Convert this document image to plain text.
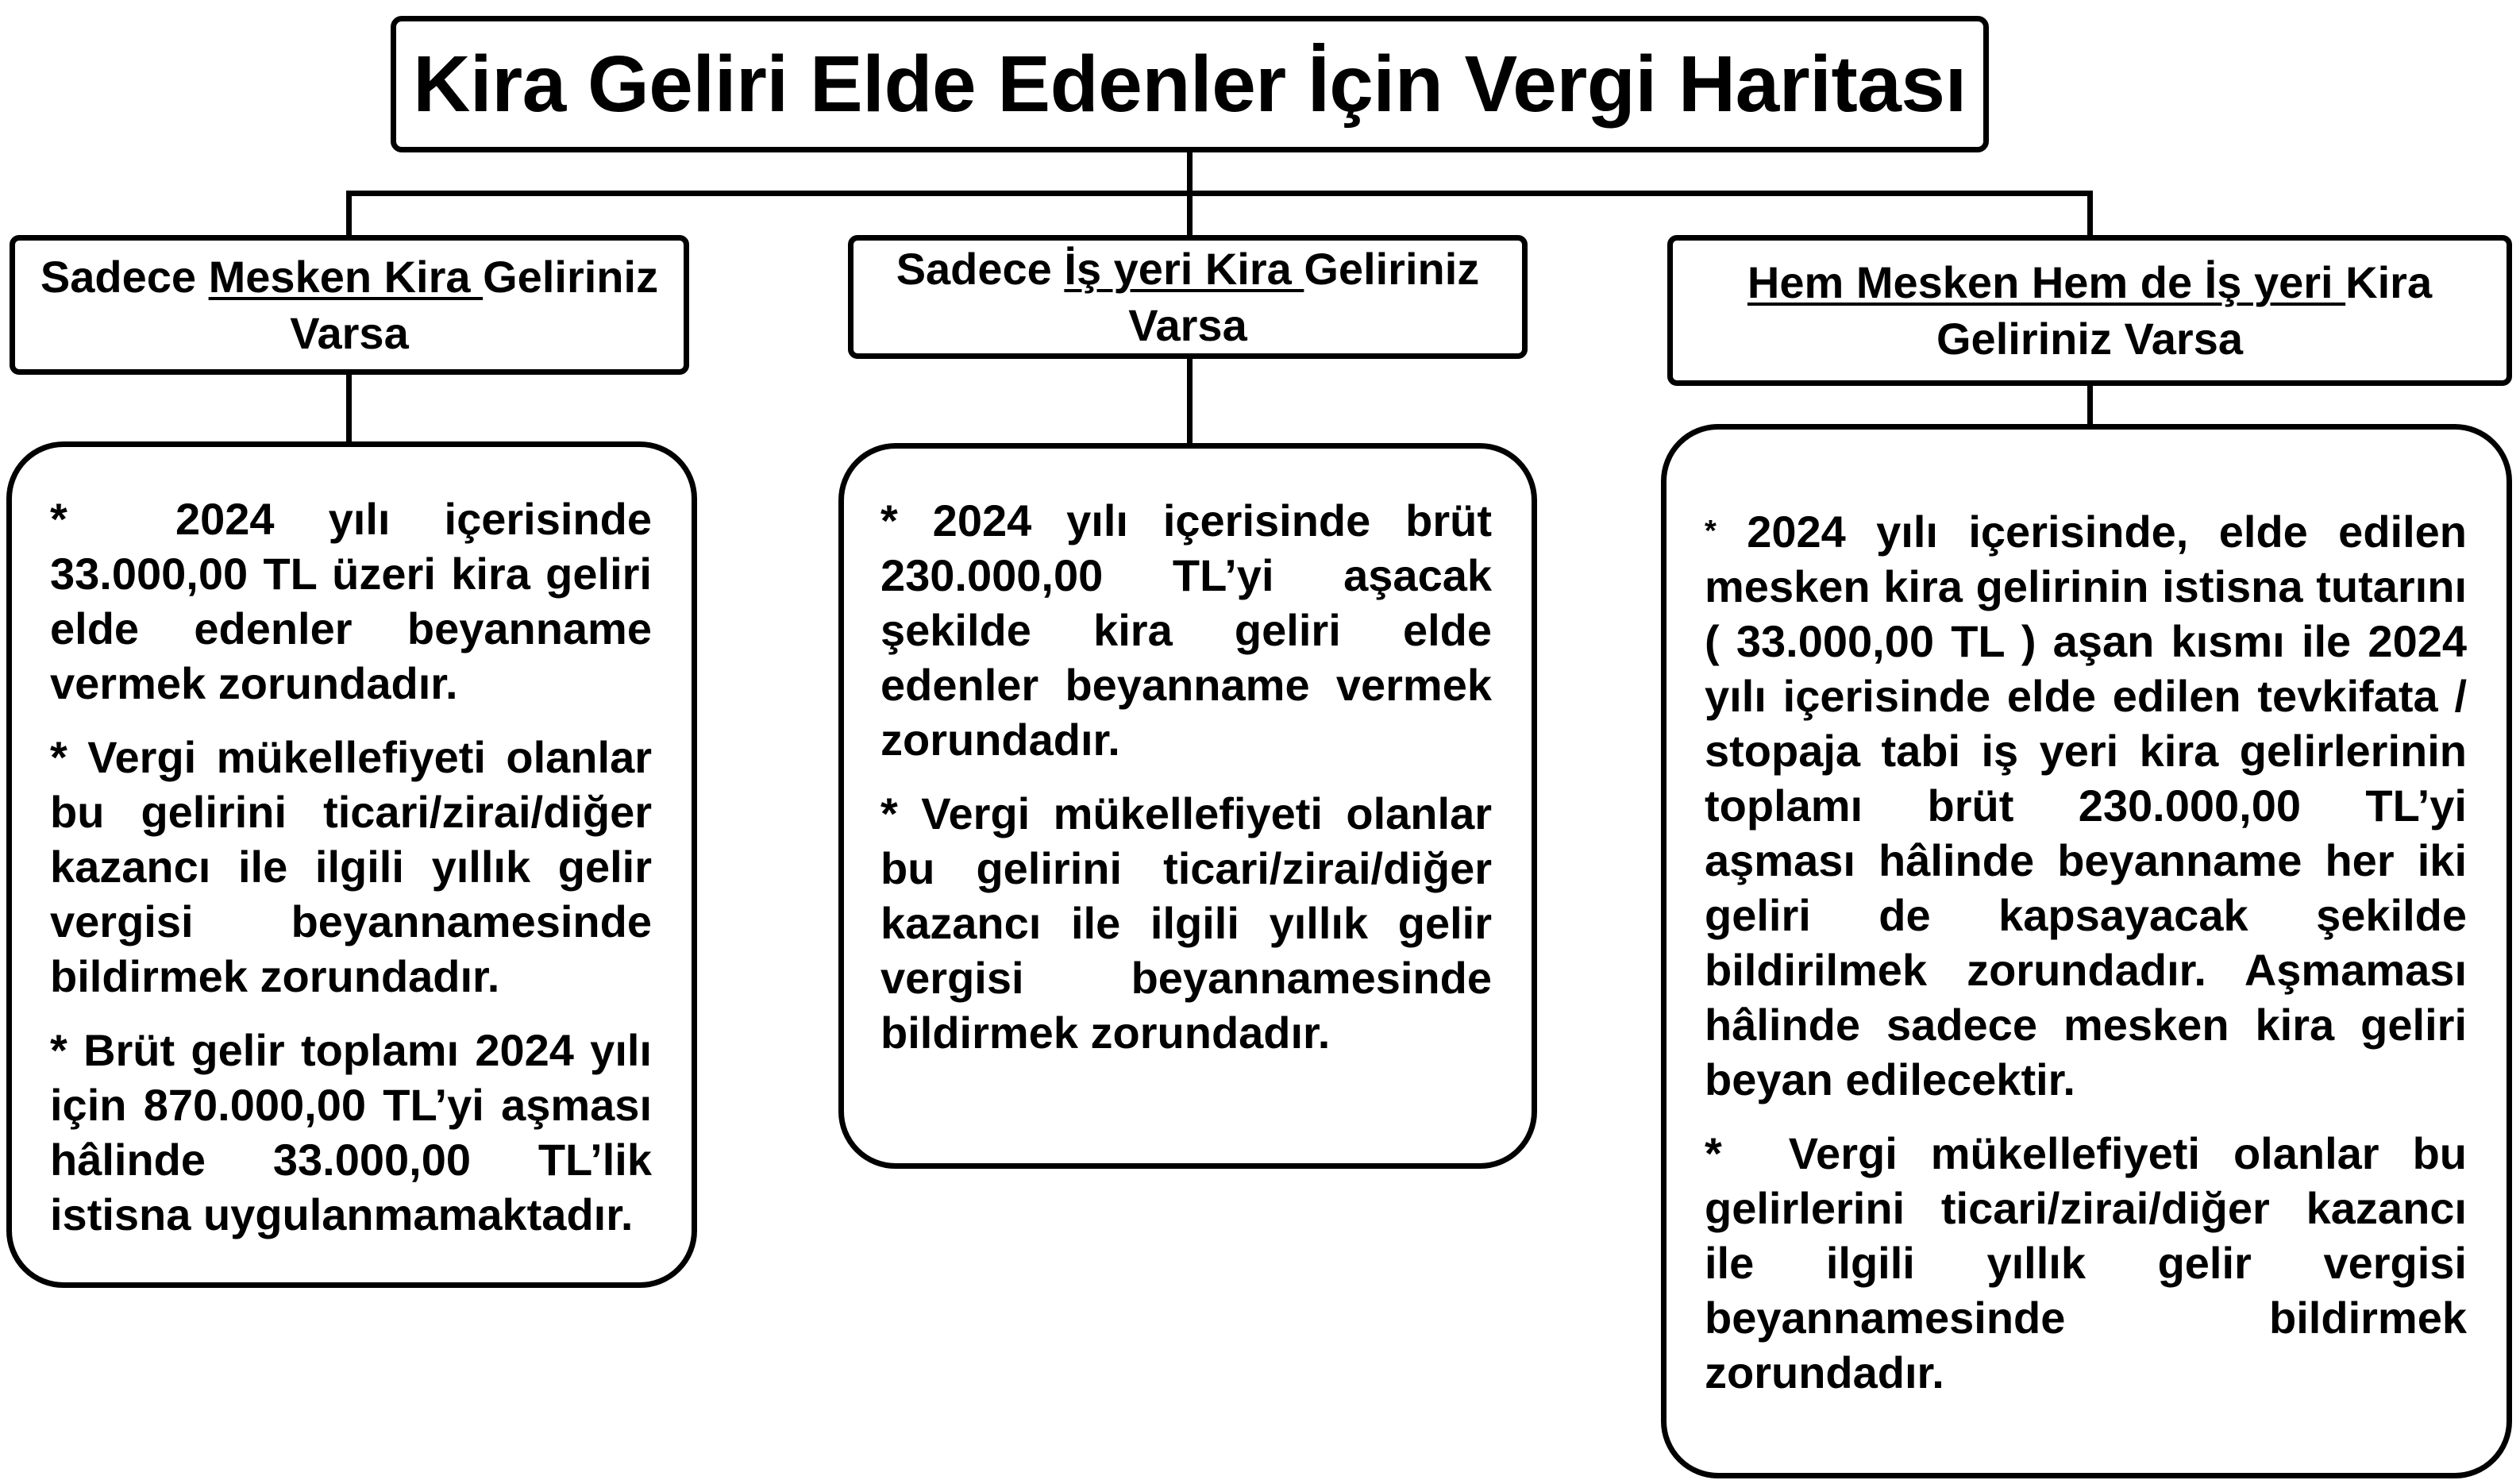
Kira Geliri Elde Edenler İçin Vergi Haritası
Sadece Mesken Kira Geliriniz
Varsa
Sadece İş yeri Kira Geliriniz
Varsa
Hem Mesken Hem de İş yeri Kira
Geliriniz Varsa

* 2024 yılı içerisinde 33.000,00 TL üzeri kira geliri elde edenler beyanname vermek zorundadır.

* Vergi mükellefiyeti olanlar bu gelirini ticari/zirai/diğer kazancı ile ilgili yıllık gelir vergisi beyannamesinde bildirmek zorundadır.

* Brüt gelir toplamı 2024 yılı için 870.000,00 TL’yi aşması hâlinde 33.000,00 TL’lik istisna uygulanmamaktadır.

* 2024 yılı içerisinde brüt 230.000,00 TL’yi aşacak şekilde kira geliri elde edenler beyanname vermek zorundadır.

* Vergi mükellefiyeti olanlar bu gelirini ticari/zirai/diğer kazancı ile ilgili yıllık gelir vergisi beyannamesinde bildirmek zorundadır.

* 2024 yılı içerisinde, elde edilen mesken kira gelirinin istisna tutarını ( 33.000,00 TL ) aşan kısmı ile 2024 yılı içerisinde elde edilen tevkifata / stopaja tabi iş yeri kira gelirlerinin toplamı brüt 230.000,00 TL’yi aşması hâlinde beyanname her iki geliri de kapsayacak şekilde bildirilmek zorundadır. Aşmaması hâlinde sadece mesken kira geliri beyan edilecektir.

* Vergi mükellefiyeti olanlar bu gelirlerini ticari/zirai/diğer kazancı ile ilgili yıllık gelir vergisi beyannamesinde bildirmek zorundadır.
